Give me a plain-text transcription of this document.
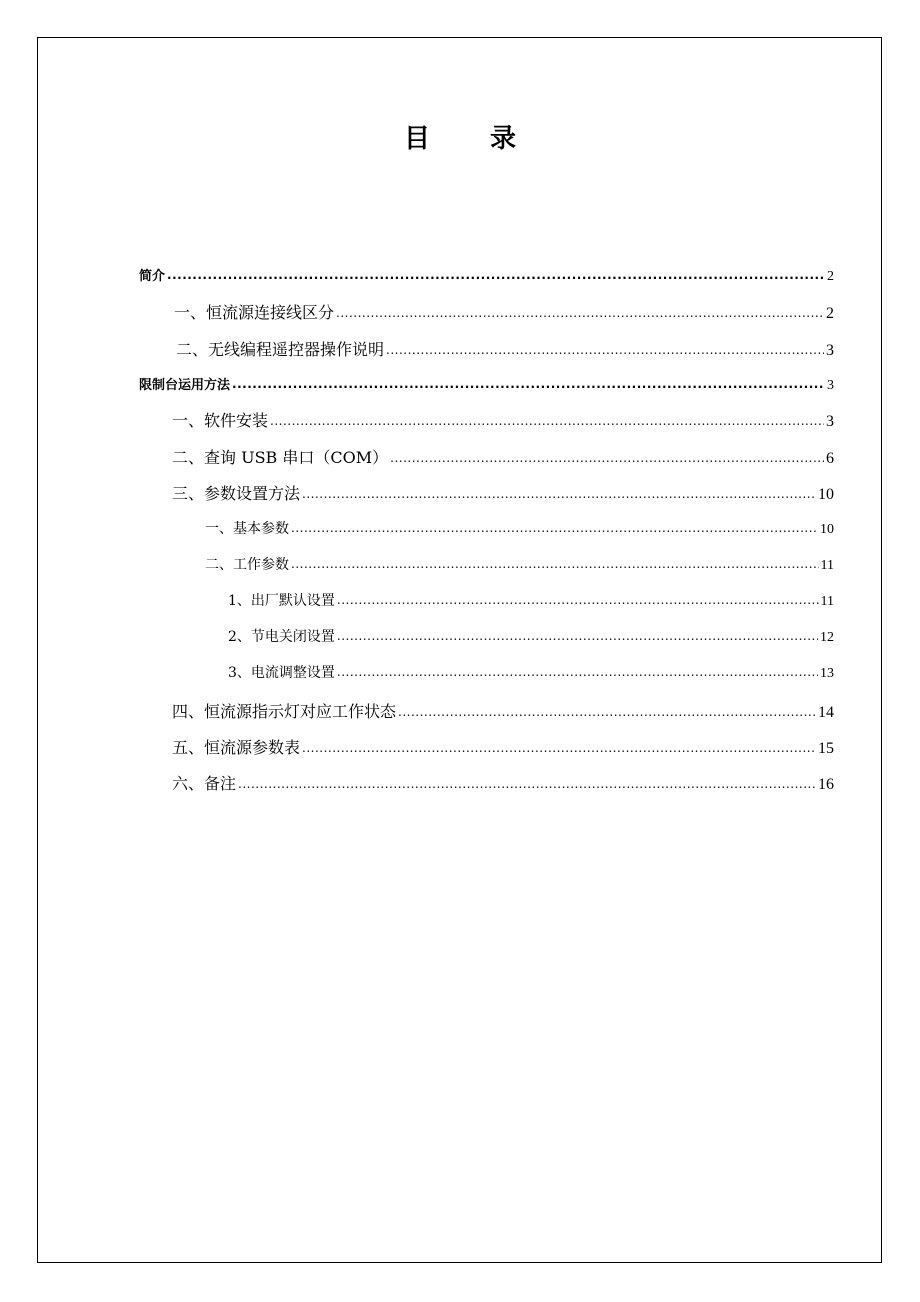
目 录
简介 .....	2
一、恒流源连接线区分 .....	2
二、无线编程遥控器操作说明 .....	3
限制台运用方法 .....	3
一、软件安装 .....	3
二、查询 USB 串口（COM） .....	6
三、参数设置方法 .....	10
一、基本参数 .....	10
二、工作参数 .....	11
1、出厂默认设置 .....	11
2、节电关闭设置 .....	12
3、电流调整设置 .....	13
四、恒流源指示灯对应工作状态 .....	14
五、恒流源参数表 .....	15
六、备注 .....	16
